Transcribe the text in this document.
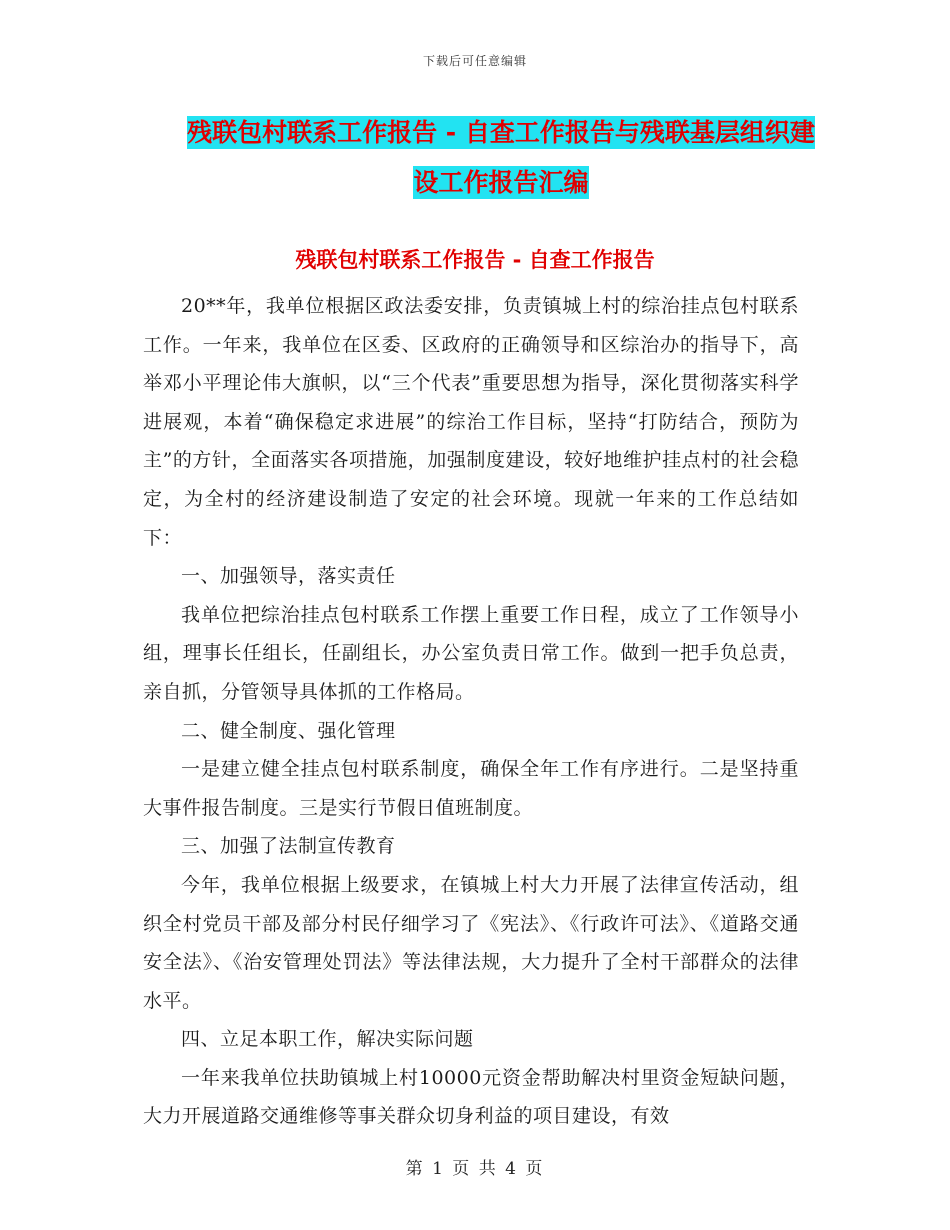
下载后可任意编辑
残联包村联系工作报告 - 自查工作报告与残联基层组织建设工作报告汇编
残联包村联系工作报告 - 自查工作报告

20**年，我单位根据区政法委安排，负责镇城上村的综治挂点包村联系工作。一年来，我单位在区委、区政府的正确领导和区综治办的指导下，高举邓小平理论伟大旗帜，以“三个代表”重要思想为指导，深化贯彻落实科学进展观，本着“确保稳定求进展”的综治工作目标，坚持“打防结合，预防为主”的方针，全面落实各项措施，加强制度建设，较好地维护挂点村的社会稳定，为全村的经济建设制造了安定的社会环境。现就一年来的工作总结如下：

一、加强领导，落实责任

我单位把综治挂点包村联系工作摆上重要工作日程，成立了工作领导小组，理事长任组长，任副组长，办公室负责日常工作。做到一把手负总责，亲自抓，分管领导具体抓的工作格局。

二、健全制度、强化管理

一是建立健全挂点包村联系制度，确保全年工作有序进行。二是坚持重大事件报告制度。三是实行节假日值班制度。

三、加强了法制宣传教育

今年，我单位根据上级要求，在镇城上村大力开展了法律宣传活动，组织全村党员干部及部分村民仔细学习了《宪法》、《行政许可法》、《道路交通安全法》、《治安管理处罚法》等法律法规，大力提升了全村干部群众的法律水平。

四、立足本职工作，解决实际问题

一年来我单位扶助镇城上村10000元资金帮助解决村里资金短缺问题，大力开展道路交通维修等事关群众切身利益的项目建设，有效

第 1 页 共 4 页
